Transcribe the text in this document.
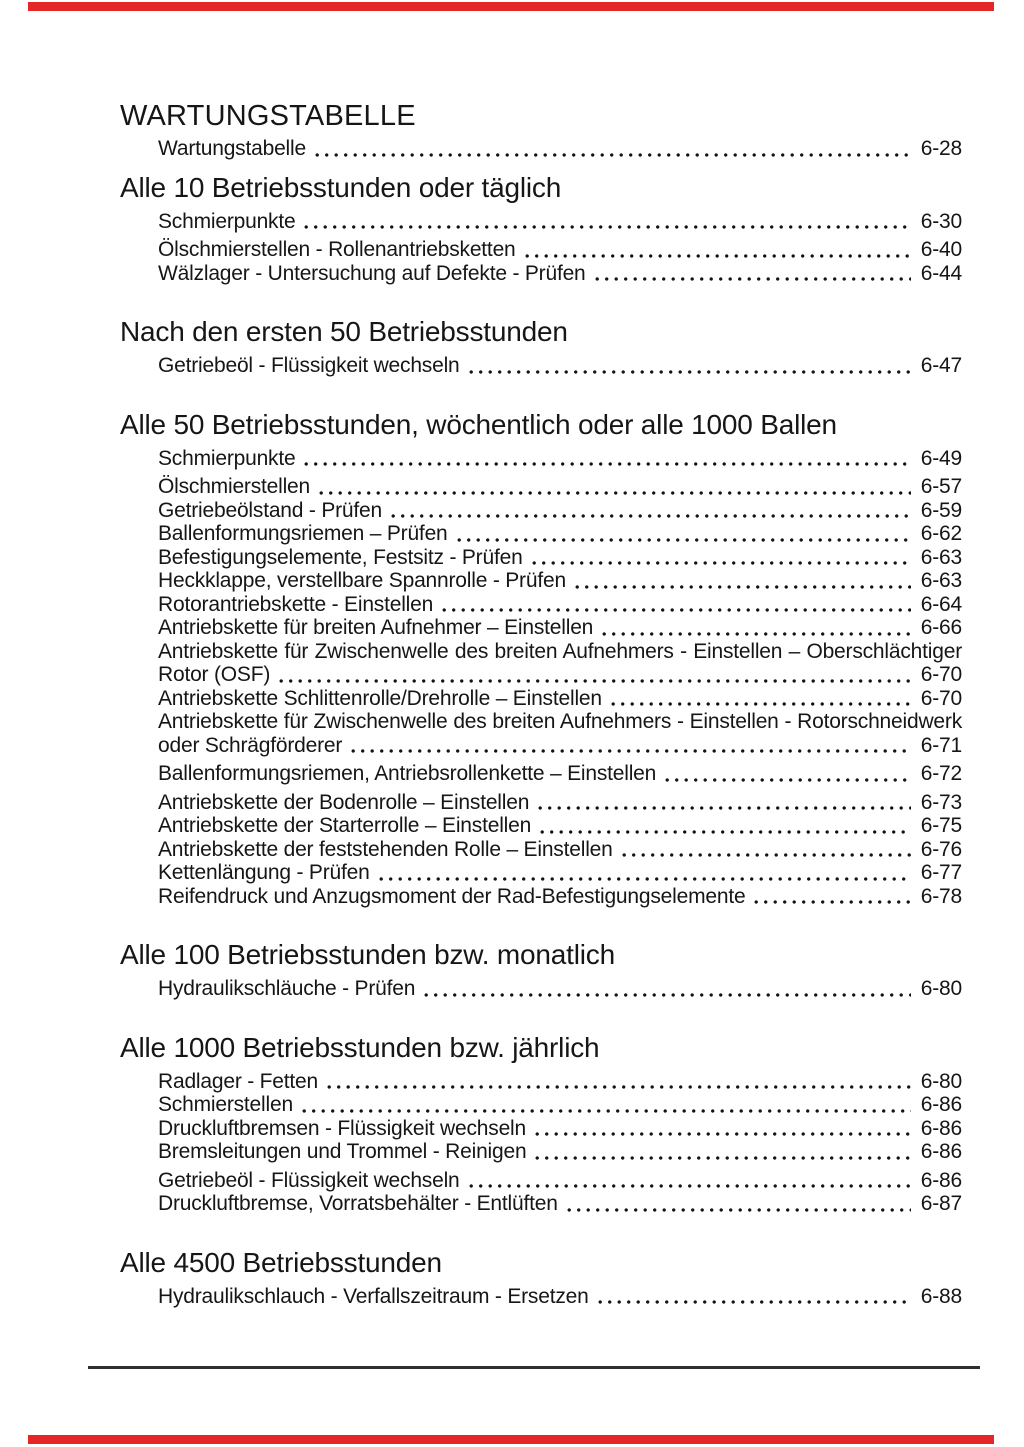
WARTUNGSTABELLE
Wartungstabelle	6-28
Alle 10 Betriebsstunden oder täglich
Schmierpunkte	6-30
Ölschmierstellen - Rollenantriebsketten	6-40
Wälzlager - Untersuchung auf Defekte - Prüfen	6-44
Nach den ersten 50 Betriebsstunden
Getriebeöl - Flüssigkeit wechseln	6-47
Alle 50 Betriebsstunden, wöchentlich oder alle 1000 Ballen
Schmierpunkte	6-49
Ölschmierstellen	6-57
Getriebeölstand - Prüfen	6-59
Ballenformungsriemen – Prüfen	6-62
Befestigungselemente, Festsitz - Prüfen	6-63
Heckklappe, verstellbare Spannrolle - Prüfen	6-63
Rotorantriebskette - Einstellen	6-64
Antriebskette für breiten Aufnehmer – Einstellen	6-66
Antriebskette für Zwischenwelle des breiten Aufnehmers - Einstellen – Oberschlächtiger
Rotor (OSF)	6-70
Antriebskette Schlittenrolle/Drehrolle – Einstellen	6-70
Antriebskette für Zwischenwelle des breiten Aufnehmers - Einstellen - Rotorschneidwerk
oder Schrägförderer	6-71
Ballenformungsriemen, Antriebsrollenkette – Einstellen	6-72
Antriebskette der Bodenrolle – Einstellen	6-73
Antriebskette der Starterrolle – Einstellen	6-75
Antriebskette der feststehenden Rolle – Einstellen	6-76
Kettenlängung - Prüfen	6-77
Reifendruck und Anzugsmoment der Rad-Befestigungselemente	6-78
Alle 100 Betriebsstunden bzw. monatlich
Hydraulikschläuche - Prüfen	6-80
Alle 1000 Betriebsstunden bzw. jährlich
Radlager - Fetten	6-80
Schmierstellen	6-86
Druckluftbremsen - Flüssigkeit wechseln	6-86
Bremsleitungen und Trommel - Reinigen	6-86
Getriebeöl - Flüssigkeit wechseln	6-86
Druckluftbremse, Vorratsbehälter - Entlüften	6-87
Alle 4500 Betriebsstunden
Hydraulikschlauch - Verfallszeitraum - Ersetzen	6-88
